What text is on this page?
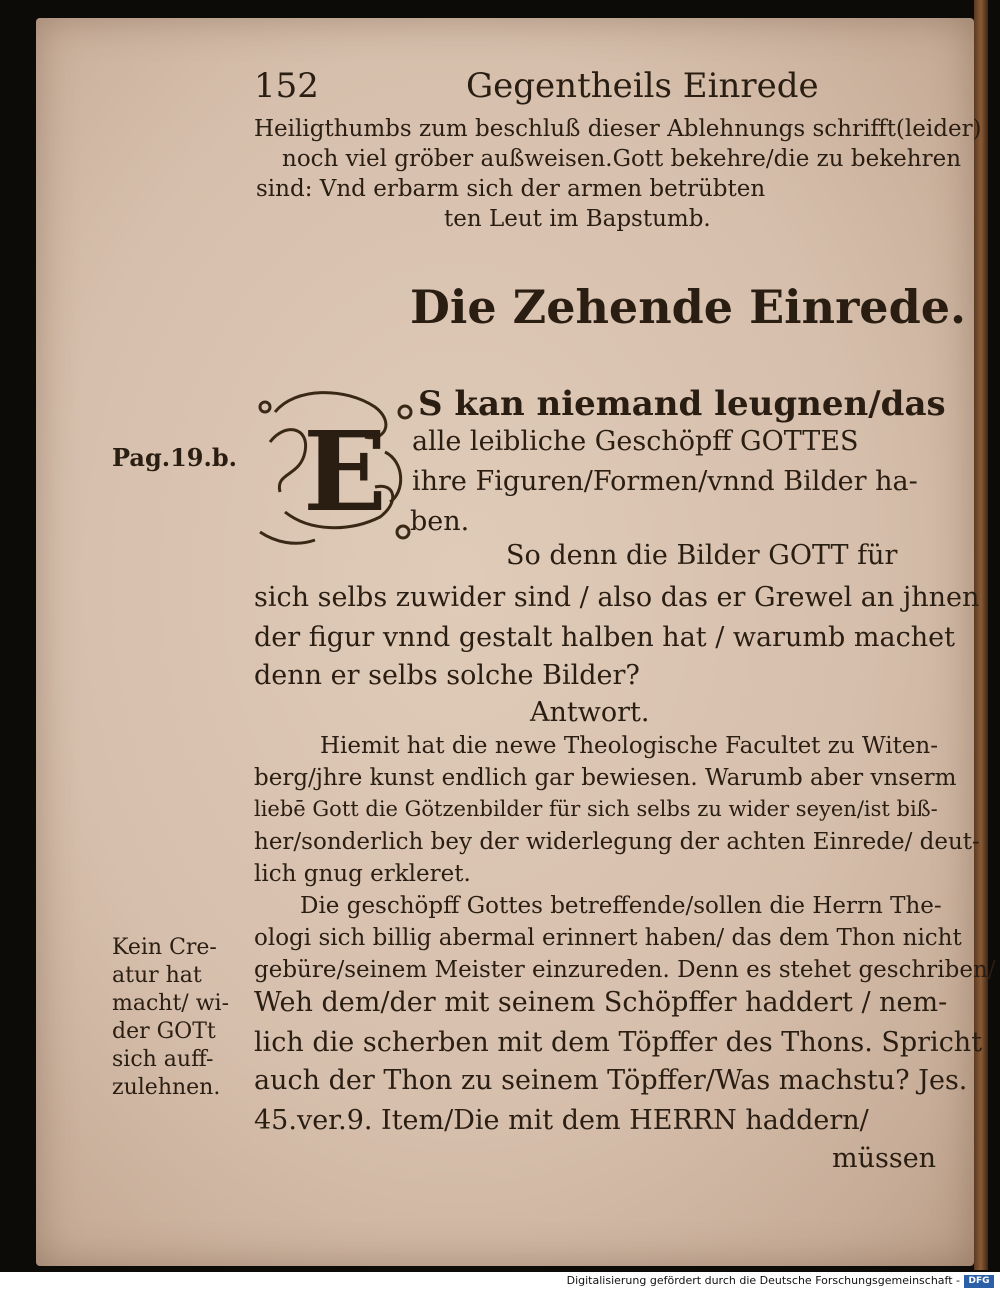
152	Gegentheils Einrede
Heiligthumbs zum beschluß dieser Ablehnungs schrifft(leider)
noch viel gröber außweisen.Gott bekehre/die zu bekehren
sind: Vnd erbarm sich der armen betrübten
ten Leut im Bapstumb.
Die Zehende Einrede.
E
S kan niemand leugnen/das
alle leibliche Geschöpff GOTTES
ihre Figuren/Formen/vnnd Bilder ha-
ben.
So denn die Bilder GOTT für
sich selbs zuwider sind / also das er Grewel an jhnen
der figur vnnd gestalt halben hat / warumb machet
denn er selbs solche Bilder?
Antwort.
Hiemit hat die newe Theologische Facultet zu Witen-
berg/jhre kunst endlich gar bewiesen. Warumb aber vnserm
liebē Gott die Götzenbilder für sich selbs zu wider seyen/ist biß-
her/sonderlich bey der widerlegung der achten Einrede/ deut-
lich gnug erkleret.
Die geschöpff Gottes betreffende/sollen die Herrn The-
ologi sich billig abermal erinnert haben/ das dem Thon nicht
gebüre/seinem Meister einzureden. Denn es stehet geschriben/
Weh dem/der mit seinem Schöpffer haddert / nem-
lich die scherben mit dem Töpffer des Thons. Spricht
auch der Thon zu seinem Töpffer/Was machstu? Jes.
45.ver.9. Item/Die mit dem HERRN haddern/
müssen
Pag.19.b.
Kein Cre-
atur hat
macht/ wi-
der GOTt
sich auff-
zulehnen.
Digitalisierung gefördert durch die Deutsche Forschungsgemeinschaft - DFG
